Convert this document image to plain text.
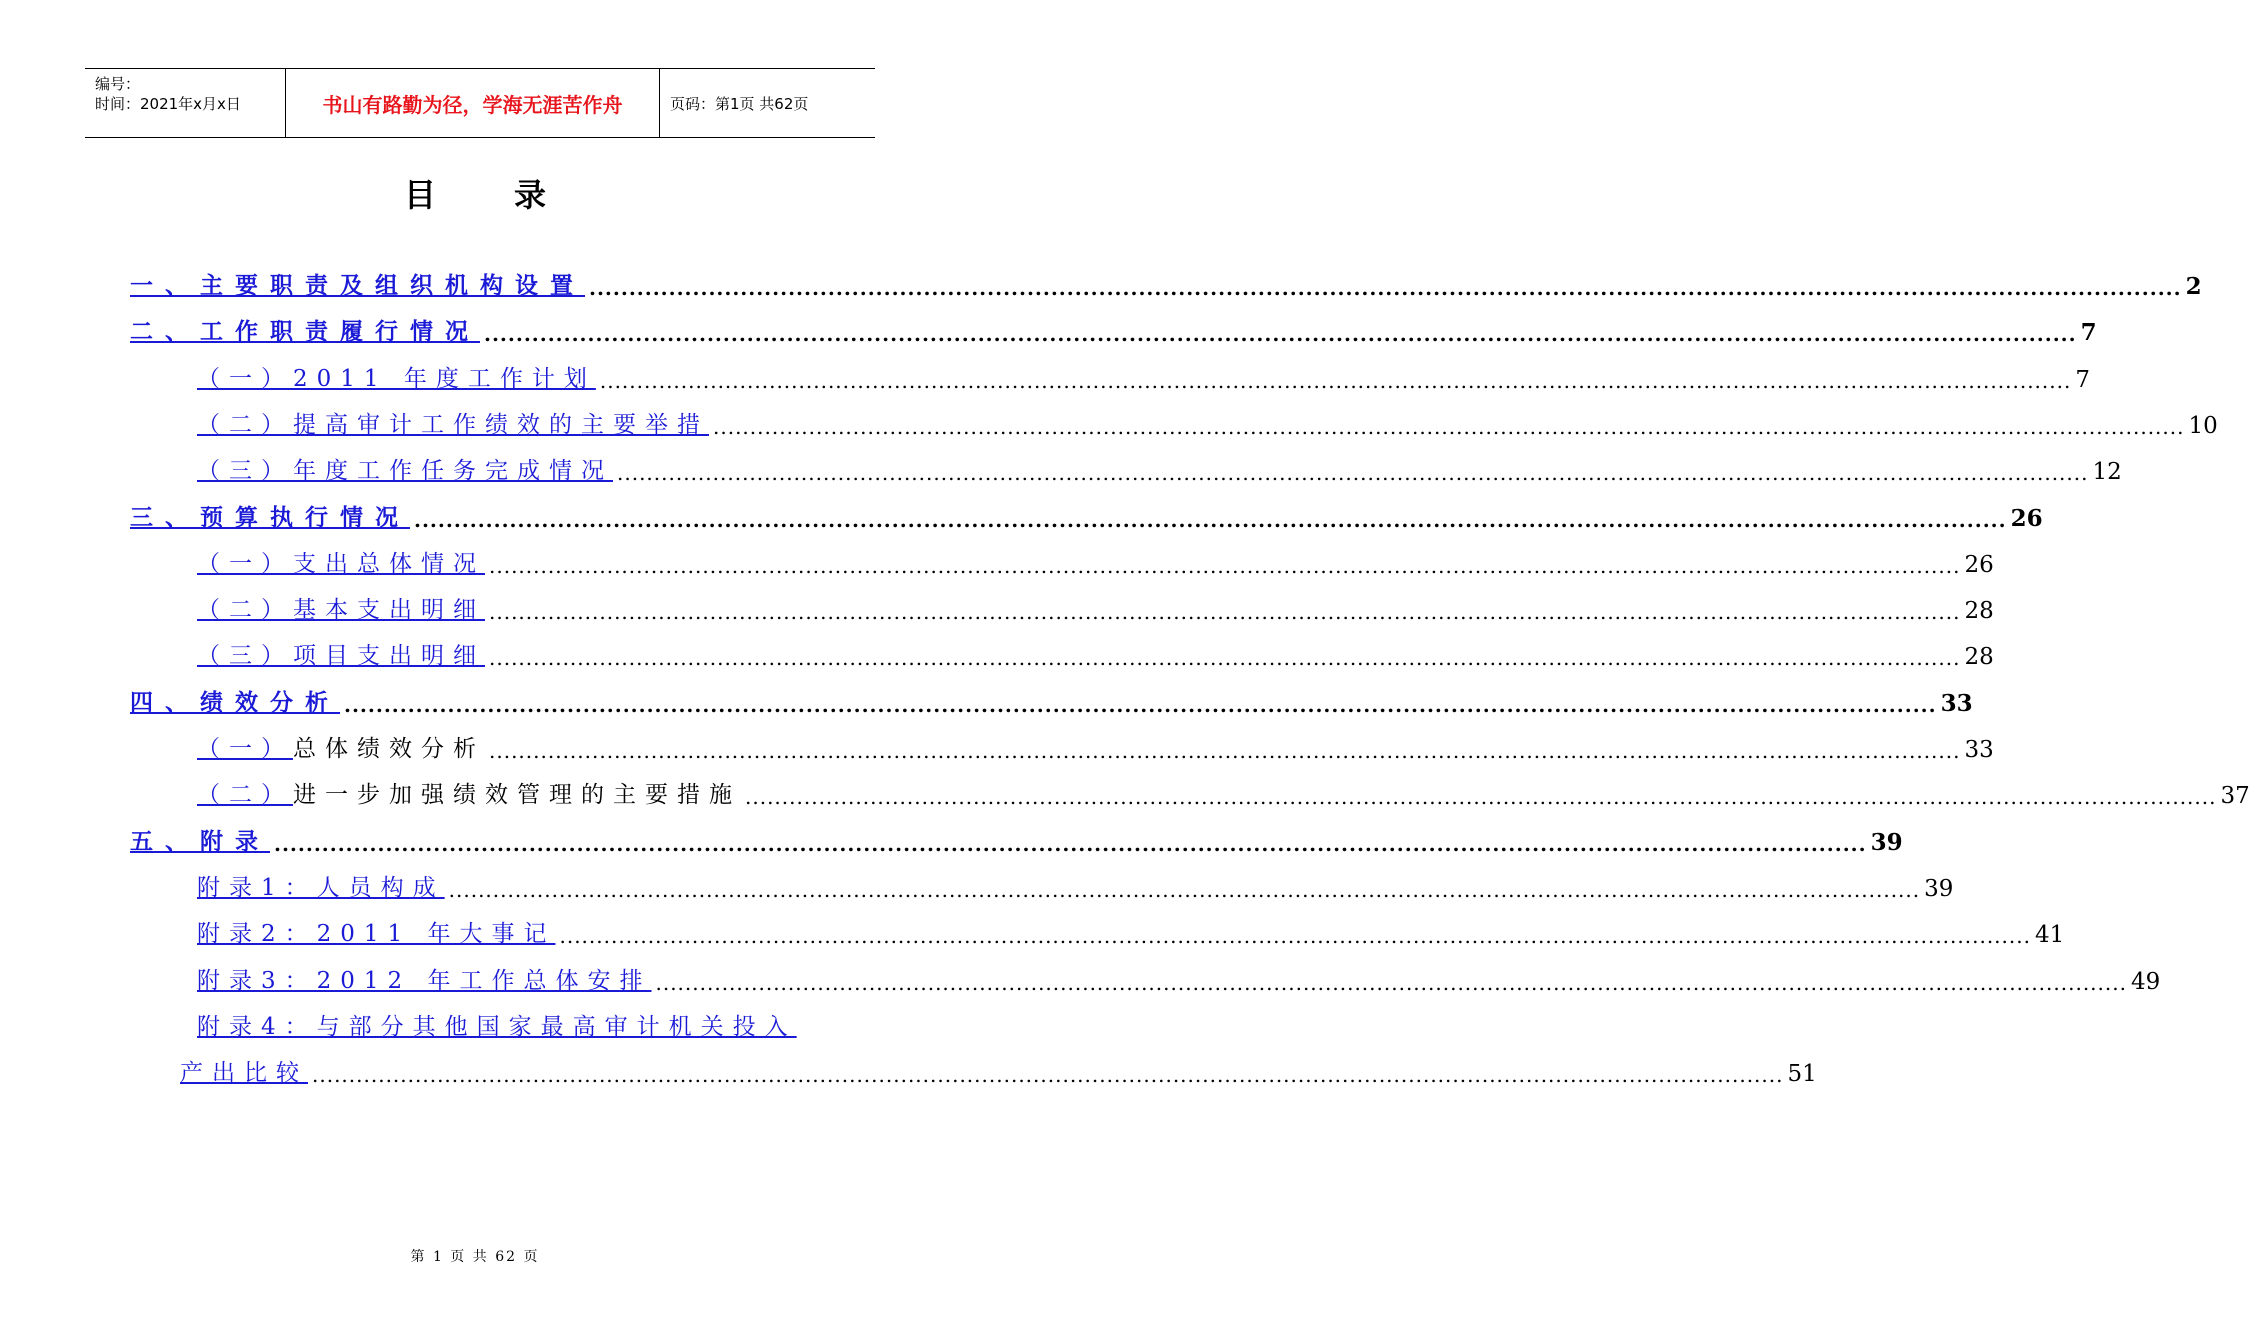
编号：
时间：2021年x月x日	书山有路勤为径，学海无涯苦作舟	页码：第1页 共62页
目录
一、主要职责及组织机构设置 ........................................................................................................................................................................................................ 2
二、工作职责履行情况 ........................................................................................................................................................................................................ 7
（一）2011 年度工作计划 ........................................................................................................................................................................................................ 7
（二）提高审计工作绩效的主要举措 ........................................................................................................................................................................................................ 10
（三）年度工作任务完成情况 ........................................................................................................................................................................................................ 12
三、预算执行情况 ........................................................................................................................................................................................................ 26
（一）支出总体情况 ........................................................................................................................................................................................................ 26
（二）基本支出明细 ........................................................................................................................................................................................................ 28
（三）项目支出明细 ........................................................................................................................................................................................................ 28
四、绩效分析 ........................................................................................................................................................................................................ 33
（一） 总体绩效分析 ........................................................................................................................................................................................................ 33
（二） 进一步加强绩效管理的主要措施 ........................................................................................................................................................................................................ 37
五、附录 ........................................................................................................................................................................................................ 39
附录1：人员构成 ........................................................................................................................................................................................................ 39
附录2：2011 年大事记 ........................................................................................................................................................................................................ 41
附录3：2012 年工作总体安排 ........................................................................................................................................................................................................ 49
附录4：与部分其他国家最高审计机关投入
产出比较 ........................................................................................................................................................................................................ 51
第 1 页 共 62 页
